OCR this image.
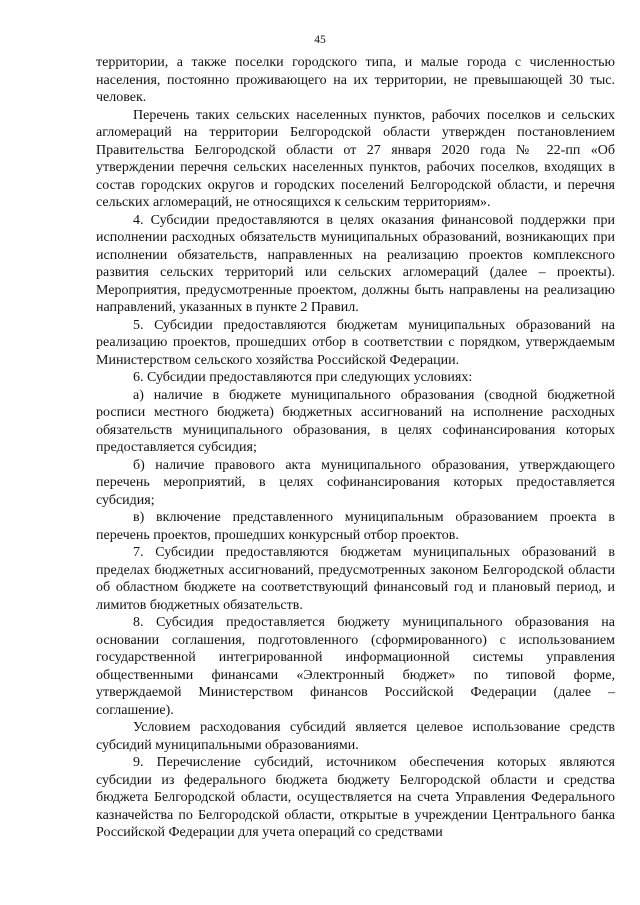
‾
45

территории, а также поселки городского типа, и малые города с численностью населения, постоянно проживающего на их территории, не превышающей 30 тыс. человек.

Перечень таких сельских населенных пунктов, рабочих поселков и сельских агломераций на территории Белгородской области утвержден постановлением Правительства Белгородской области от 27 января 2020 года № 22-пп «Об утверждении перечня сельских населенных пунктов, рабочих поселков, входящих в состав городских округов и городских поселений Белгородской области, и перечня сельских агломераций, не относящихся к сельским территориям».

4. Субсидии предоставляются в целях оказания финансовой поддержки при исполнении расходных обязательств муниципальных образований, возникающих при исполнении обязательств, направленных на реализацию проектов комплексного развития сельских территорий или сельских агломераций (далее – проекты). Мероприятия, предусмотренные проектом, должны быть направлены на реализацию направлений, указанных в пункте 2 Правил.

5. Субсидии предоставляются бюджетам муниципальных образований на реализацию проектов, прошедших отбор в соответствии с порядком, утверждаемым Министерством сельского хозяйства Российской Федерации.

6. Субсидии предоставляются при следующих условиях:

а) наличие в бюджете муниципального образования (сводной бюджетной росписи местного бюджета) бюджетных ассигнований на исполнение расходных обязательств муниципального образования, в целях софинансирования которых предоставляется субсидия;

б) наличие правового акта муниципального образования, утверждающего перечень мероприятий, в целях софинансирования которых предоставляется субсидия;

в) включение представленного муниципальным образованием проекта в перечень проектов, прошедших конкурсный отбор проектов.

7. Субсидии предоставляются бюджетам муниципальных образований в пределах бюджетных ассигнований, предусмотренных законом Белгородской области об областном бюджете на соответствующий финансовый год и плановый период, и лимитов бюджетных обязательств.

8. Субсидия предоставляется бюджету муниципального образования на основании соглашения, подготовленного (сформированного) с использованием государственной интегрированной информационной системы управления общественными финансами «Электронный бюджет» по типовой форме, утверждаемой Министерством финансов Российской Федерации (далее – соглашение).

Условием расходования субсидий является целевое использование средств субсидий муниципальными образованиями.

9. Перечисление субсидий, источником обеспечения которых являются субсидии из федерального бюджета бюджету Белгородской области и средства бюджета Белгородской области, осуществляется на счета Управления Федерального казначейства по Белгородской области, открытые в учреждении Центрального банка Российской Федерации для учета операций со средствами
